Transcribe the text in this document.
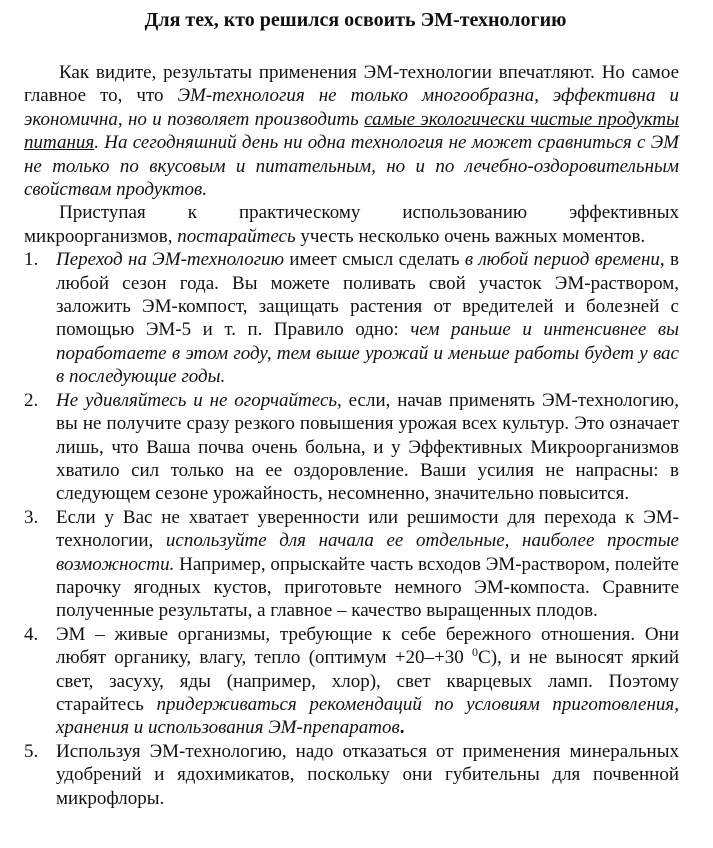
Для тех, кто решился освоить ЭМ-технологию

Как видите, результаты применения ЭМ-технологии впечатляют. Но самое главное то, что ЭМ-технология не только многообразна, эффективна и экономична, но и позволяет производить самые экологически чистые продукты питания. На сегодняшний день ни одна технология не может сравниться с ЭМ не только по вкусовым и питательным, но и по лечебно-оздоровительным свойствам продуктов.

Приступая к практическому использованию эффективных микроорганизмов, постарайтесь учесть несколько очень важных моментов.

1. Переход на ЭМ-технологию имеет смысл сделать в любой период времени, в любой сезон года. Вы можете поливать свой участок ЭМ-раствором, заложить ЭМ-компост, защищать растения от вредителей и болезней с помощью ЭМ-5 и т. п. Правило одно: чем раньше и интенсивнее вы поработаете в этом году, тем выше урожай и меньше работы будет у вас в последующие годы.
2. Не удивляйтесь и не огорчайтесь, если, начав применять ЭМ-технологию, вы не получите сразу резкого повышения урожая всех культур. Это означает лишь, что Ваша почва очень больна, и у Эффективных Микроорганизмов хватило сил только на ее оздоровление. Ваши усилия не напрасны: в следующем сезоне урожайность, несомненно, значительно повысится.
3. Если у Вас не хватает уверенности или решимости для перехода к ЭМ-технологии, используйте для начала ее отдельные, наиболее простые возможности. Например, опрыскайте часть всходов ЭМ-раствором, полейте парочку ягодных кустов, приготовьте немного ЭМ-компоста. Сравните полученные результаты, а главное – качество выращенных плодов.
4. ЭМ – живые организмы, требующие к себе бережного отношения. Они любят органику, влагу, тепло (оптимум +20–+30 $^0$С), и не выносят яркий свет, засуху, яды (например, хлор), свет кварцевых ламп. Поэтому старайтесь придерживаться рекомендаций по условиям приготовления, хранения и использования ЭМ-препаратов.
5. Используя ЭМ-технологию, надо отказаться от применения минеральных удобрений и ядохимикатов, поскольку они губительны для почвенной микрофлоры.
